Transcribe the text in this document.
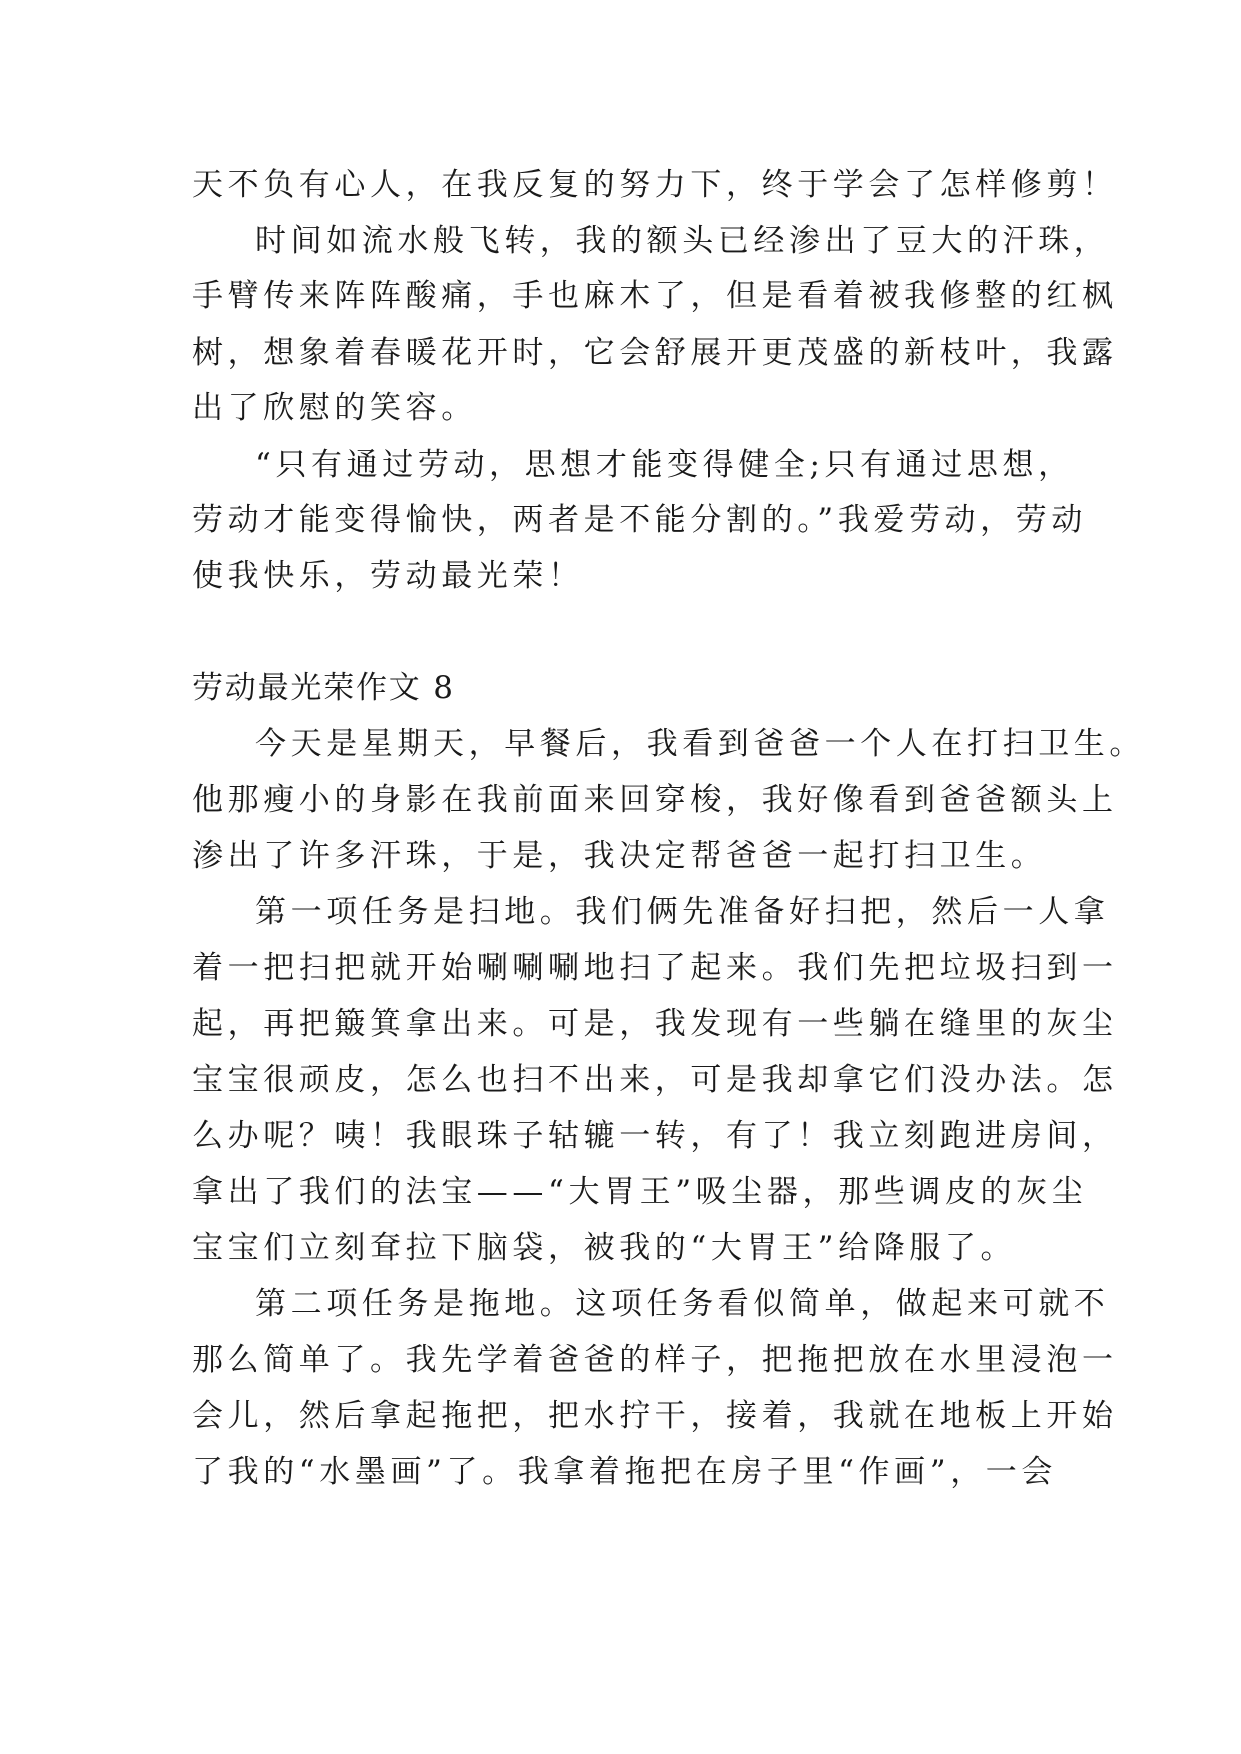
天不负有心人，在我反复的努力下，终于学会了怎样修剪！
时间如流水般飞转，我的额头已经渗出了豆大的汗珠，
手臂传来阵阵酸痛，手也麻木了，但是看着被我修整的红枫
树，想象着春暖花开时，它会舒展开更茂盛的新枝叶，我露
出了欣慰的笑容。
“只有通过劳动，思想才能变得健全;只有通过思想，
劳动才能变得愉快，两者是不能分割的。”我爱劳动，劳动
使我快乐，劳动最光荣！
劳动最光荣作文 8
今天是星期天，早餐后，我看到爸爸一个人在打扫卫生。
他那瘦小的身影在我前面来回穿梭，我好像看到爸爸额头上
渗出了许多汗珠，于是，我决定帮爸爸一起打扫卫生。
第一项任务是扫地。我们俩先准备好扫把，然后一人拿
着一把扫把就开始唰唰唰地扫了起来。我们先把垃圾扫到一
起，再把簸箕拿出来。可是，我发现有一些躺在缝里的灰尘
宝宝很顽皮，怎么也扫不出来，可是我却拿它们没办法。怎
么办呢？咦！我眼珠子轱辘一转，有了！我立刻跑进房间，
拿出了我们的法宝——“大胃王”吸尘器，那些调皮的灰尘
宝宝们立刻耷拉下脑袋，被我的“大胃王”给降服了。
第二项任务是拖地。这项任务看似简单，做起来可就不
那么简单了。我先学着爸爸的样子，把拖把放在水里浸泡一
会儿，然后拿起拖把，把水拧干，接着，我就在地板上开始
了我的“水墨画”了。我拿着拖把在房子里“作画”，一会
